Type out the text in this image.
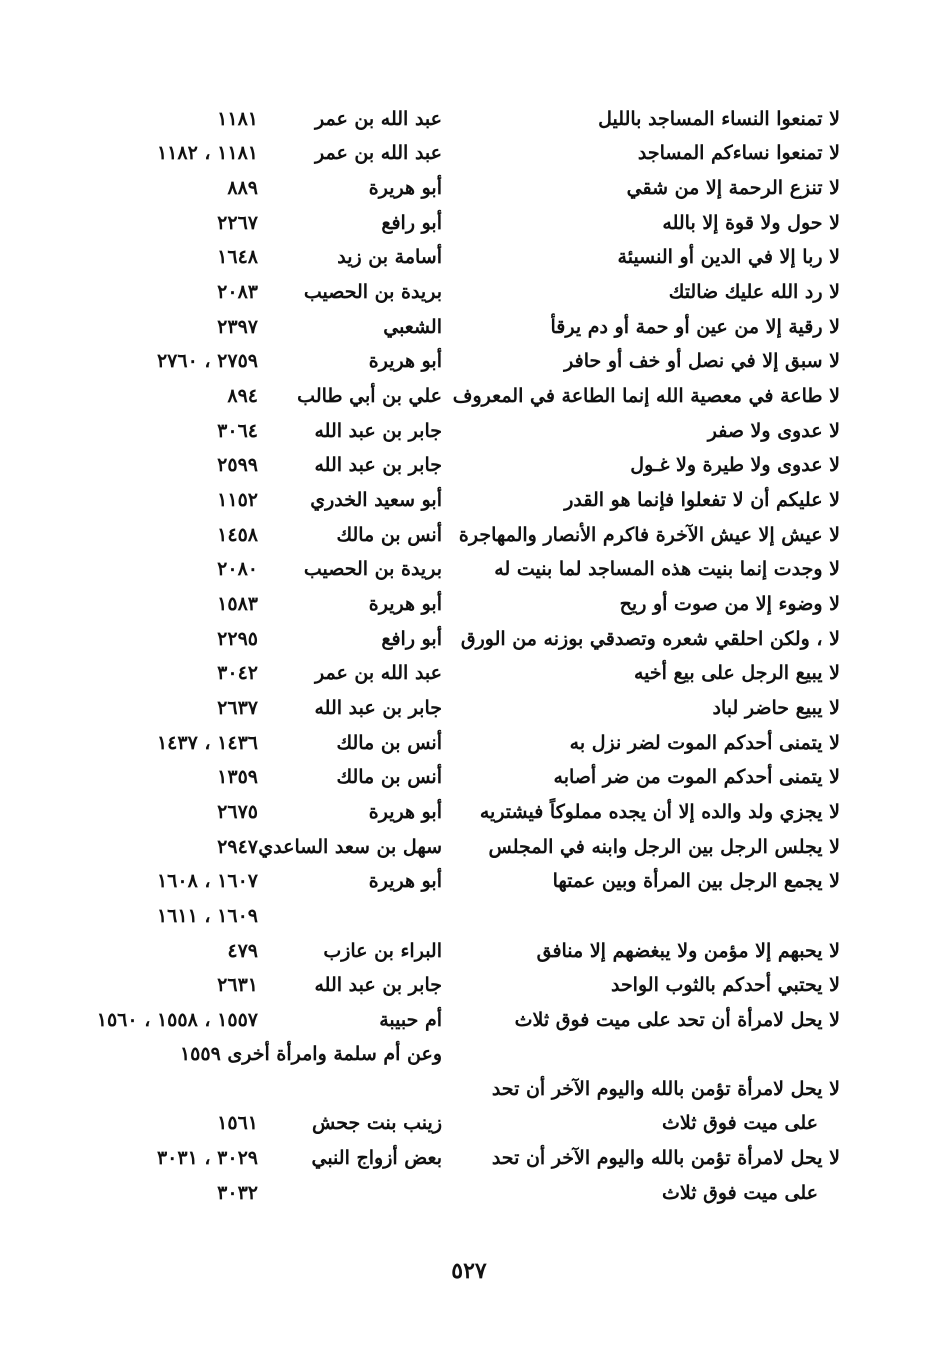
لا تمنعوا النساء المساجد بالليل
عبد الله بن عمر
١١٨١
لا تمنعوا نساءكم المساجد
عبد الله بن عمر
١١٨١ ، ١١٨٢
لا تنزع الرحمة إلا من شقي
أبو هريرة
٨٨٩
لا حول ولا قوة إلا بالله
أبو رافع
٢٢٦٧
لا ربا إلا في الدين أو النسيئة
أسامة بن زيد
١٦٤٨
لا رد الله عليك ضالتك
بريدة بن الحصيب
٢٠٨٣
لا رقية إلا من عين أو حمة أو دم يرقأ
الشعبي
٢٣٩٧
لا سبق إلا في نصل أو خف أو حافر
أبو هريرة
٢٧٥٩ ، ٢٧٦٠
لا طاعة في معصية الله إنما الطاعة في المعروف
علي بن أبي طالب
٨٩٤
لا عدوى ولا صفر
جابر بن عبد الله
٣٠٦٤
لا عدوى ولا طيرة ولا غـول
جابر بن عبد الله
٢٥٩٩
لا عليكم أن لا تفعلوا فإنما هو القدر
أبو سعيد الخدري
١١٥٢
لا عيش إلا عيش الآخرة فاكرم الأنصار والمهاجرة
أنس بن مالك
١٤٥٨
لا وجدت إنما بنيت هذه المساجد لما بنيت له
بريدة بن الحصيب
٢٠٨٠
لا وضوء إلا من صوت أو ريح
أبو هريرة
١٥٨٣
لا ، ولكن احلقي شعره وتصدقي بوزنه من الورق
أبو رافع
٢٢٩٥
لا يبيع الرجل على بيع أخيه
عبد الله بن عمر
٣٠٤٢
لا يبيع حاضر لباد
جابر بن عبد الله
٢٦٣٧
لا يتمنى أحدكم الموت لضر نزل به
أنس بن مالك
١٤٣٦ ، ١٤٣٧
لا يتمنى أحدكم الموت من ضر أصابه
أنس بن مالك
١٣٥٩
لا يجزي ولد والده إلا أن يجده مملوكاً فيشتريه
أبو هريرة
٢٦٧٥
لا يجلس الرجل بين الرجل وابنه في المجلس
سهل بن سعد الساعدي
٢٩٤٧
لا يجمع الرجل بين المرأة وبين عمتها
أبو هريرة
١٦٠٧ ، ١٦٠٨
١٦٠٩ ، ١٦١١
لا يحبهم إلا مؤمن ولا يبغضهم إلا منافق
البراء بن عازب
٤٧٩
لا يحتبي أحدكم بالثوب الواحد
جابر بن عبد الله
٢٦٣١
لا يحل لامرأة أن تحد على ميت فوق ثلاث
أم حبيبة
١٥٥٧ ، ١٥٥٨ ، ١٥٦٠
وعن أم سلمة وامرأة أخرى ١٥٥٩
لا يحل لامرأة تؤمن بالله واليوم الآخر أن تحد
على ميت فوق ثلاث
زينب بنت جحش
١٥٦١
لا يحل لامرأة تؤمن بالله واليوم الآخر أن تحد
بعض أزواج النبي
٣٠٢٩ ، ٣٠٣١
على ميت فوق ثلاث
٣٠٣٢
٥٢٧
